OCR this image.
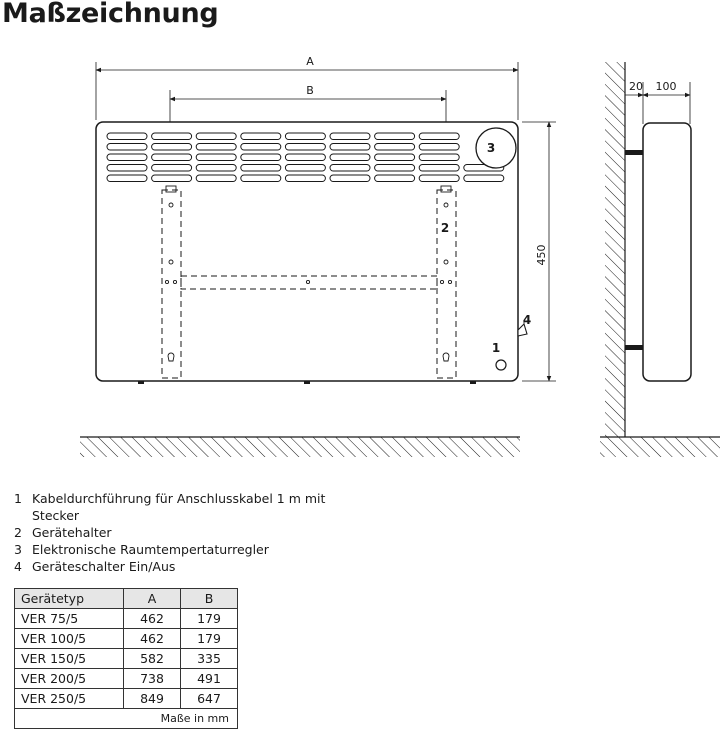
Maßzeichnung
A
B
450
1
2
3
4
20 100
1 Kabeldurchführung für Anschlusskabel 1 m mit Stecker
2 Gerätehalter
3 Elektronische Raumtempertaturregler
4 Geräteschalter Ein/Aus
Gerätetyp	A	B
VER 75/5	462	179
VER 100/5	462	179
VER 150/5	582	335
VER 200/5	738	491
VER 250/5	849	647
Maße in mm		
